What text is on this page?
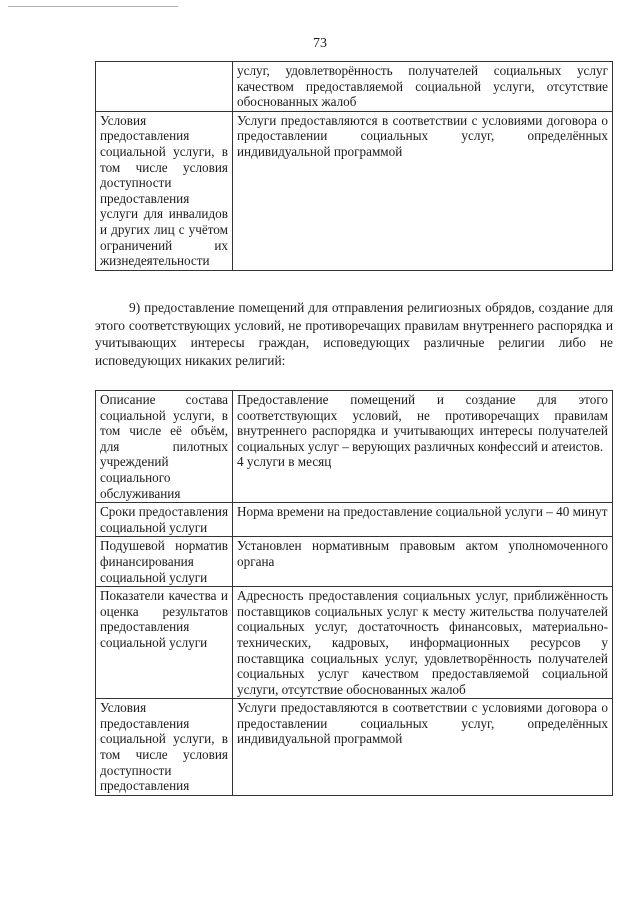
73
	услуг, удовлетворённость получателей социальных услуг качеством предоставляемой социальной услуги, отсутствие обоснованных жалоб
Условия предоставления социальной услуги, в том числе условия доступности предоставления услуги для инвалидов и других лиц с учётом ограничений их жизнедеятельности	Услуги предоставляются в соответствии с условиями договора о предоставлении социальных услуг, определённых индивидуальной программой

9) предоставление помещений для отправления религиозных обрядов, создание для этого соответствующих условий, не противоречащих правилам внутреннего распорядка и учитывающих интересы граждан, исповедующих различные религии либо не исповедующих никаких религий:

Описание состава социальной услуги, в том числе её объём, для пилотных учреждений социального обслуживания	Предоставление помещений и создание для этого соответствующих условий, не противоречащих правилам внутреннего распорядка и учитывающих интересы получателей социальных услуг – верующих различных конфессий и атеистов.
4 услуги в месяц

Сроки предоставления социальной услуги	Норма времени на предоставление социальной услуги – 40 минут
Подушевой норматив финансирования социальной услуги	Установлен нормативным правовым актом уполномоченного органа
Показатели качества и оценка результатов предоставления социальной услуги	Адресность предоставления социальных услуг, приближённость поставщиков социальных услуг к месту жительства получателей социальных услуг, достаточность финансовых, материально-технических, кадровых, информационных ресурсов у поставщика социальных услуг, удовлетворённость получателей социальных услуг качеством предоставляемой социальной услуги, отсутствие обоснованных жалоб
Условия предоставления социальной услуги, в том числе условия доступности предоставления	Услуги предоставляются в соответствии с условиями договора о предоставлении социальных услуг, определённых индивидуальной программой
